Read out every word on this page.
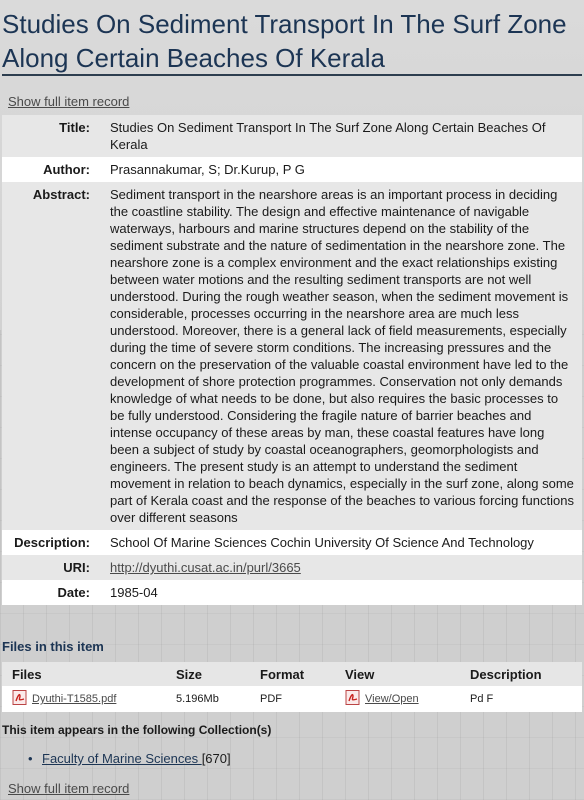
Studies On Sediment Transport In The Surf Zone Along Certain Beaches Of Kerala
Show full item record
Title:	Studies On Sediment Transport In The Surf Zone Along Certain Beaches Of Kerala
Author:	Prasannakumar, S; Dr.Kurup, P G
Abstract:	Sediment transport in the nearshore areas is an important process in deciding the coastline stability. The design and effective maintenance of navigable waterways, harbours and marine structures depend on the stability of the sediment substrate and the nature of sedimentation in the nearshore zone. The nearshore zone is a complex environment and the exact relationships existing between water motions and the resulting sediment transports are not well understood. During the rough weather season, when the sediment movement is considerable, processes occurring in the nearshore area are much less understood. Moreover, there is a general lack of field measurements, especially during the time of severe storm conditions. The increasing pressures and the concern on the preservation of the valuable coastal environment have led to the development of shore protection programmes. Conservation not only demands knowledge of what needs to be done, but also requires the basic processes to be fully understood. Considering the fragile nature of barrier beaches and intense occupancy of these areas by man, these coastal features have long been a subject of study by coastal oceanographers, geomorphologists and engineers. The present study is an attempt to understand the sediment movement in relation to beach dynamics, especially in the surf zone, along some part of Kerala coast and the response of the beaches to various forcing functions over different seasons
Description:	School Of Marine Sciences Cochin University Of Science And Technology
URI:	http://dyuthi.cusat.ac.in/purl/3665
Date:	1985-04
Files in this item
Files	Size	Format	View	Description
Dyuthi-T1585.pdf	5.196Mb	PDF	View/Open	Pd F
This item appears in the following Collection(s)
• Faculty of Marine Sciences [670]
Show full item record
